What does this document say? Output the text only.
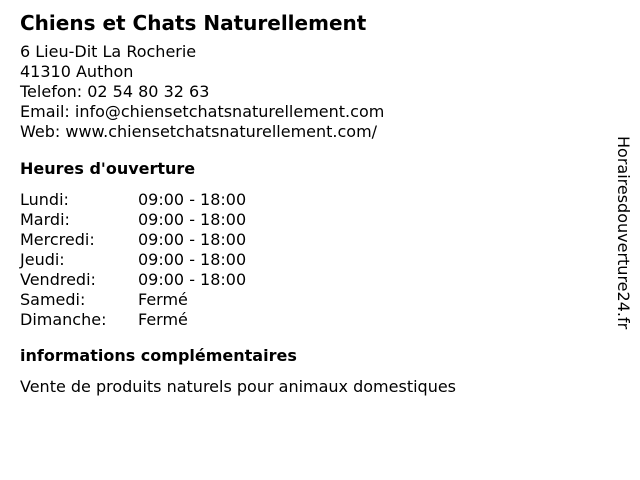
Chiens et Chats Naturellement
6 Lieu-Dit La Rocherie
41310 Authon
Telefon: 02 54 80 32 63
Email: info@chiensetchatsnaturellement.com
Web: www.chiensetchatsnaturellement.com/
Heures d'ouverture
Lundi:	09:00 - 18:00
Mardi:	09:00 - 18:00
Mercredi:	09:00 - 18:00
Jeudi:	09:00 - 18:00
Vendredi:	09:00 - 18:00
Samedi:	Fermé
Dimanche:	Fermé
informations complémentaires
Vente de produits naturels pour animaux domestiques
Horairesdouverture24.fr
